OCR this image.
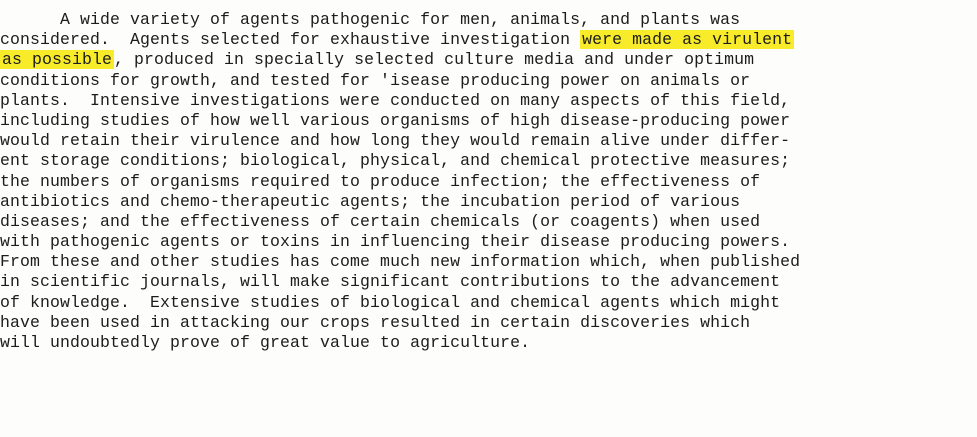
A wide variety of agents pathogenic for men, animals, and plants was
considered.  Agents selected for exhaustive investigation were made as virulent
as possible , produced in specially selected culture media and under optimum
conditions for growth, and tested for 'isease producing power on animals or
plants.  Intensive investigations were conducted on many aspects of this field,
including studies of how well various organisms of high disease-producing power
would retain their virulence and how long they would remain alive under differ-
ent storage conditions; biological, physical, and chemical protective measures;
the numbers of organisms required to produce infection; the effectiveness of
antibiotics and chemo-therapeutic agents; the incubation period of various
diseases; and the effectiveness of certain chemicals (or coagents) when used
with pathogenic agents or toxins in influencing their disease producing powers.
From these and other studies has come much new information which, when published
in scientific journals, will make significant contributions to the advancement
of knowledge.  Extensive studies of biological and chemical agents which might
have been used in attacking our crops resulted in certain discoveries which
will undoubtedly prove of great value to agriculture.
